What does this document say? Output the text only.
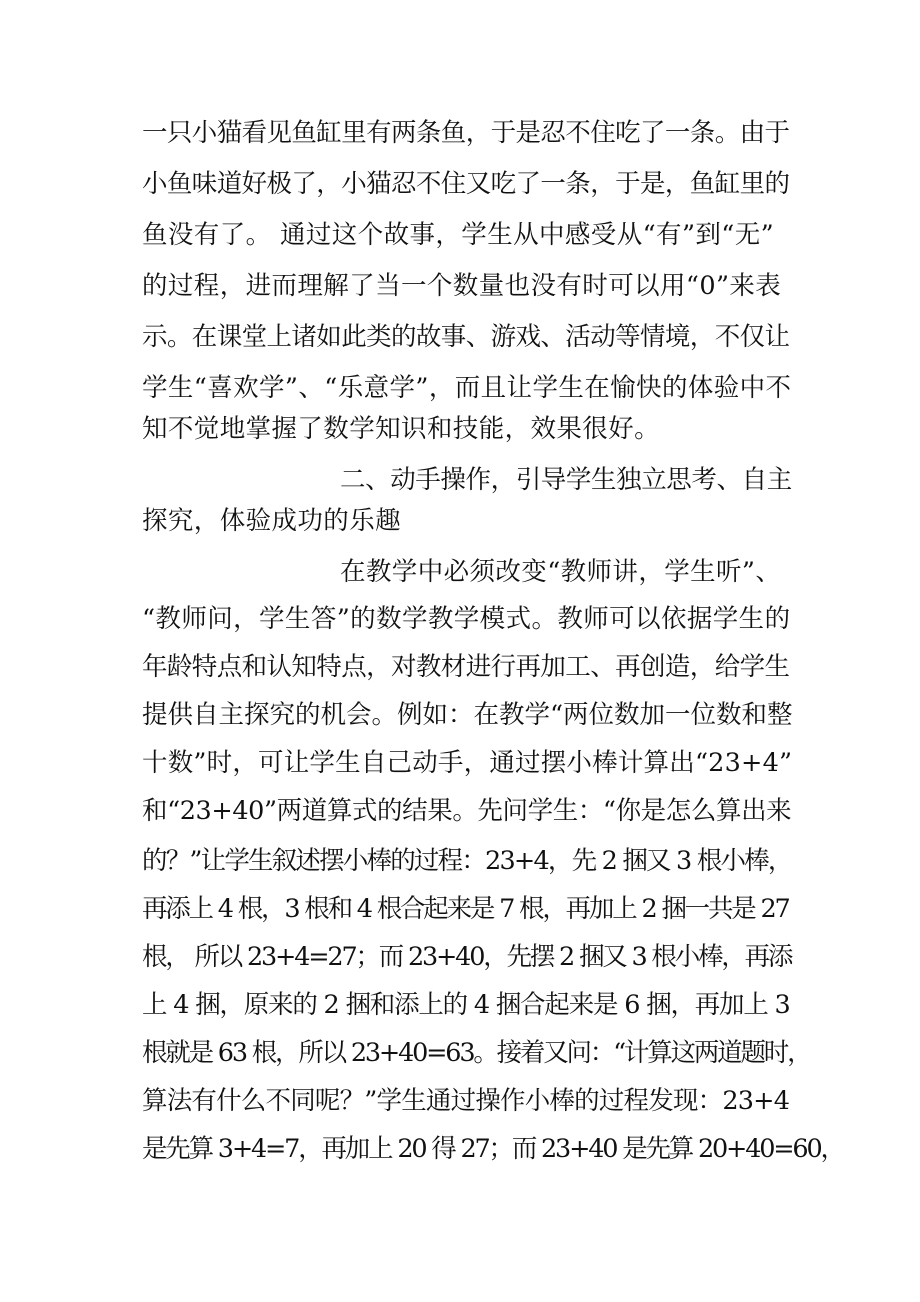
一只小猫看见鱼缸里有两条鱼，于是忍不住吃了一条。由于
小鱼味道好极了，小猫忍不住又吃了一条，于是，鱼缸里的
鱼没有了。 通过这个故事，学生从中感受从“有”到“无”
的过程，进而理解了当一个数量也没有时可以用“0”来表
示。在课堂上诸如此类的故事、游戏、活动等情境，不仅让
学生“喜欢学”、“乐意学”，而且让学生在愉快的体验中不
知不觉地掌握了数学知识和技能，效果很好。
二、动手操作，引导学生独立思考、自主
探究，体验成功的乐趣
在教学中必须改变“教师讲，学生听”、
“教师问，学生答”的数学教学模式。教师可以依据学生的
年龄特点和认知特点，对教材进行再加工、再创造，给学生
提供自主探究的机会。例如：在教学“两位数加一位数和整
十数”时，可让学生自己动手，通过摆小棒计算出“23+4”
和“23+40”两道算式的结果。先问学生：“你是怎么算出来
的？”让学生叙述摆小棒的过程：23+4，先 2 捆又 3 根小棒，
再添上 4 根，3 根和 4 根合起来是 7 根，再加上 2 捆一共是 27
根， 所以 23+4=27；而 23+40，先摆 2 捆又 3 根小棒，再添
上 4 捆，原来的 2 捆和添上的 4 捆合起来是 6 捆，再加上 3
根就是 63 根，所以 23+40=63。接着又问：“计算这两道题时，
算法有什么不同呢？”学生通过操作小棒的过程发现：23+4
是先算 3+4=7，再加上 20 得 27；而 23+40 是先算 20+40=60，
